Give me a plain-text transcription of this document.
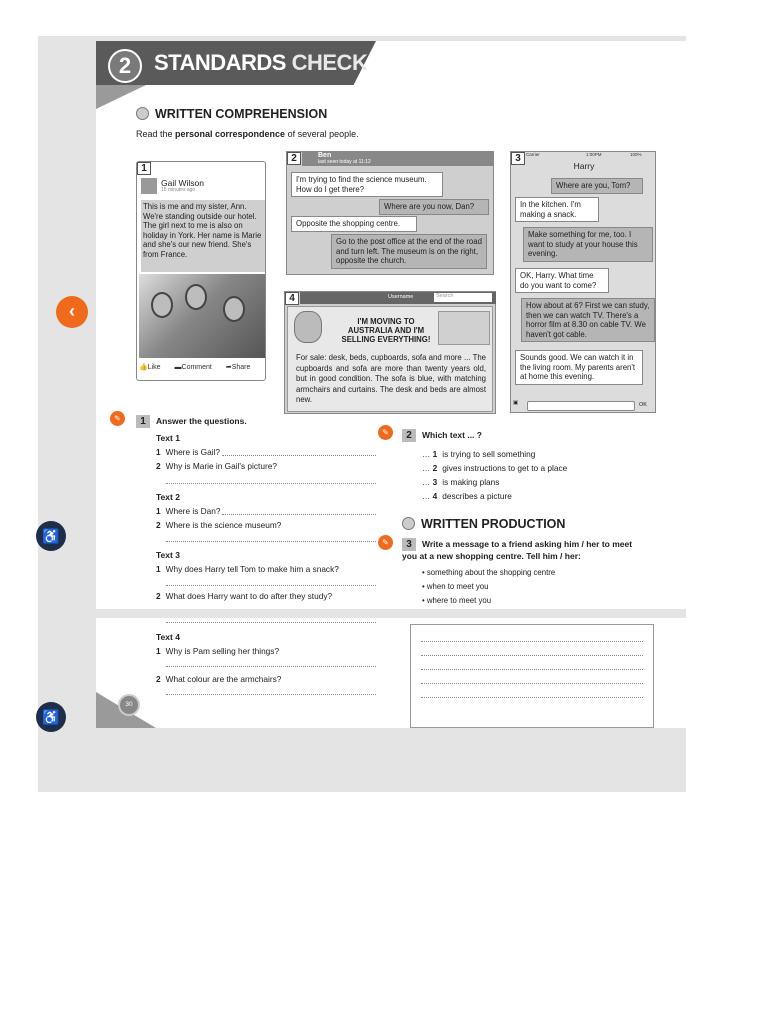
2	STANDARDS CHECK ✓
WRITTEN COMPREHENSION
Read the personal correspondence of several people.
1
Gail Wilson
15 minutes ago
This is me and my sister, Ann. We're standing outside our hotel. The girl next to me is also on holiday in York. Her name is Marie and she's our new friend. She's from France.
👍Like ▬Comment ➦Share
2	Ben
last seen today at 11:12
I'm trying to find the science museum. How do I get there?
Where are you now, Dan?
Opposite the shopping centre.
Go to the post office at the end of the road and turn left. The museum is on the right, opposite the church.
3	Carrier	1:00PM	100%
Harry
Where are you, Tom?
In the kitchen. I'm making a snack.
Make something for me, too. I want to study at your house this evening.
OK, Harry. What time do you want to come?
How about at 6? First we can study, then we can watch TV. There's a horror film at 8.30 on cable TV. We haven't got cable.
Sounds good. We can watch it in the living room. My parents aren't at home this evening.
▣	OK
4	Username	Search
I'M MOVING TO AUSTRALIA AND I'M SELLING EVERYTHING!
For sale: desk, beds, cupboards, sofa and more ... The cupboards and sofa are more than twenty years old, but in good condition. The sofa is blue, with matching armchairs and curtains. The desk and beds are almost new.
✎	1 Answer the questions.
Text 1
1 Where is Gail?
2 Why is Marie in Gail's picture?
Text 2
1 Where is Dan?
2 Where is the science museum?
Text 3
1 Why does Harry tell Tom to make him a snack?
2 What does Harry want to do after they study?
✎	2 Which text ... ?
… 1 is trying to sell something
… 2 gives instructions to get to a place
… 3 is making plans
… 4 describes a picture
WRITTEN PRODUCTION
✎	3 Write a message to a friend asking him / her to meet you at a new shopping centre. Tell him / her:
• something about the shopping centre
• when to meet you
• where to meet you
Text 4
1 Why is Pam selling her things?
2 What colour are the armchairs?
30
‹
♿
♿
